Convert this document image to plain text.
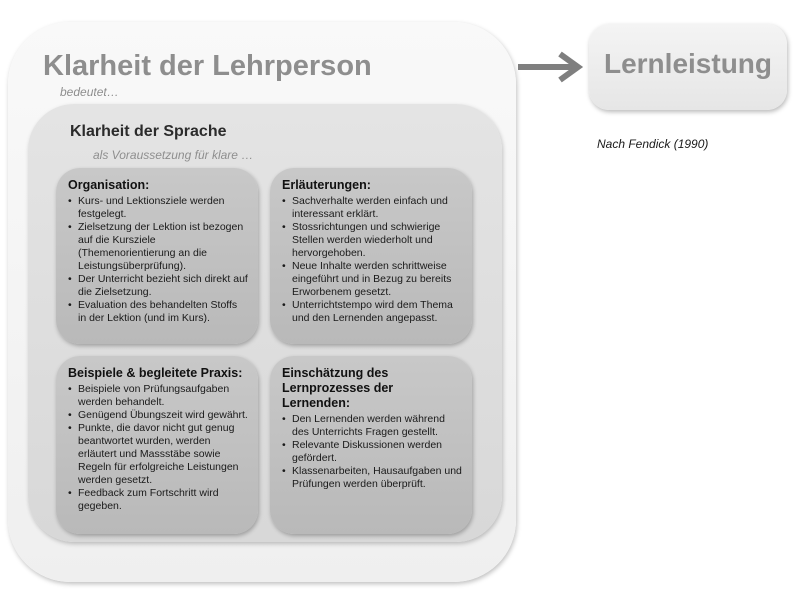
Klarheit der Lehrperson
bedeutet…
Klarheit der Sprache
als Voraussetzung für klare …
Organisation:
• Kurs- und Lektionsziele werden festgelegt.
• Zielsetzung der Lektion ist bezogen auf die Kursziele (Themenorientierung an die Leistungsüberprüfung).
• Der Unterricht bezieht sich direkt auf die Zielsetzung.
• Evaluation des behandelten Stoffs in der Lektion (und im Kurs).
Erläuterungen:
• Sachverhalte werden einfach und interessant erklärt.
• Stossrichtungen und schwierige Stellen werden wiederholt und hervorgehoben.
• Neue Inhalte werden schrittweise eingeführt und in Bezug zu bereits Erworbenem gesetzt.
• Unterrichtstempo wird dem Thema und den Lernenden angepasst.
Beispiele & begleitete Praxis:
• Beispiele von Prüfungsaufgaben werden behandelt.
• Genügend Übungszeit wird gewährt.
• Punkte, die davor nicht gut genug beantwortet wurden, werden erläutert und Massstäbe sowie Regeln für erfolgreiche Leistungen werden gesetzt.
• Feedback zum Fortschritt wird gegeben.
Einschätzung des Lernprozesses der Lernenden:
• Den Lernenden werden während des Unterrichts Fragen gestellt.
• Relevante Diskussionen werden gefördert.
• Klassenarbeiten, Hausaufgaben und Prüfungen werden überprüft.
Lernleistung
Nach Fendick (1990)
